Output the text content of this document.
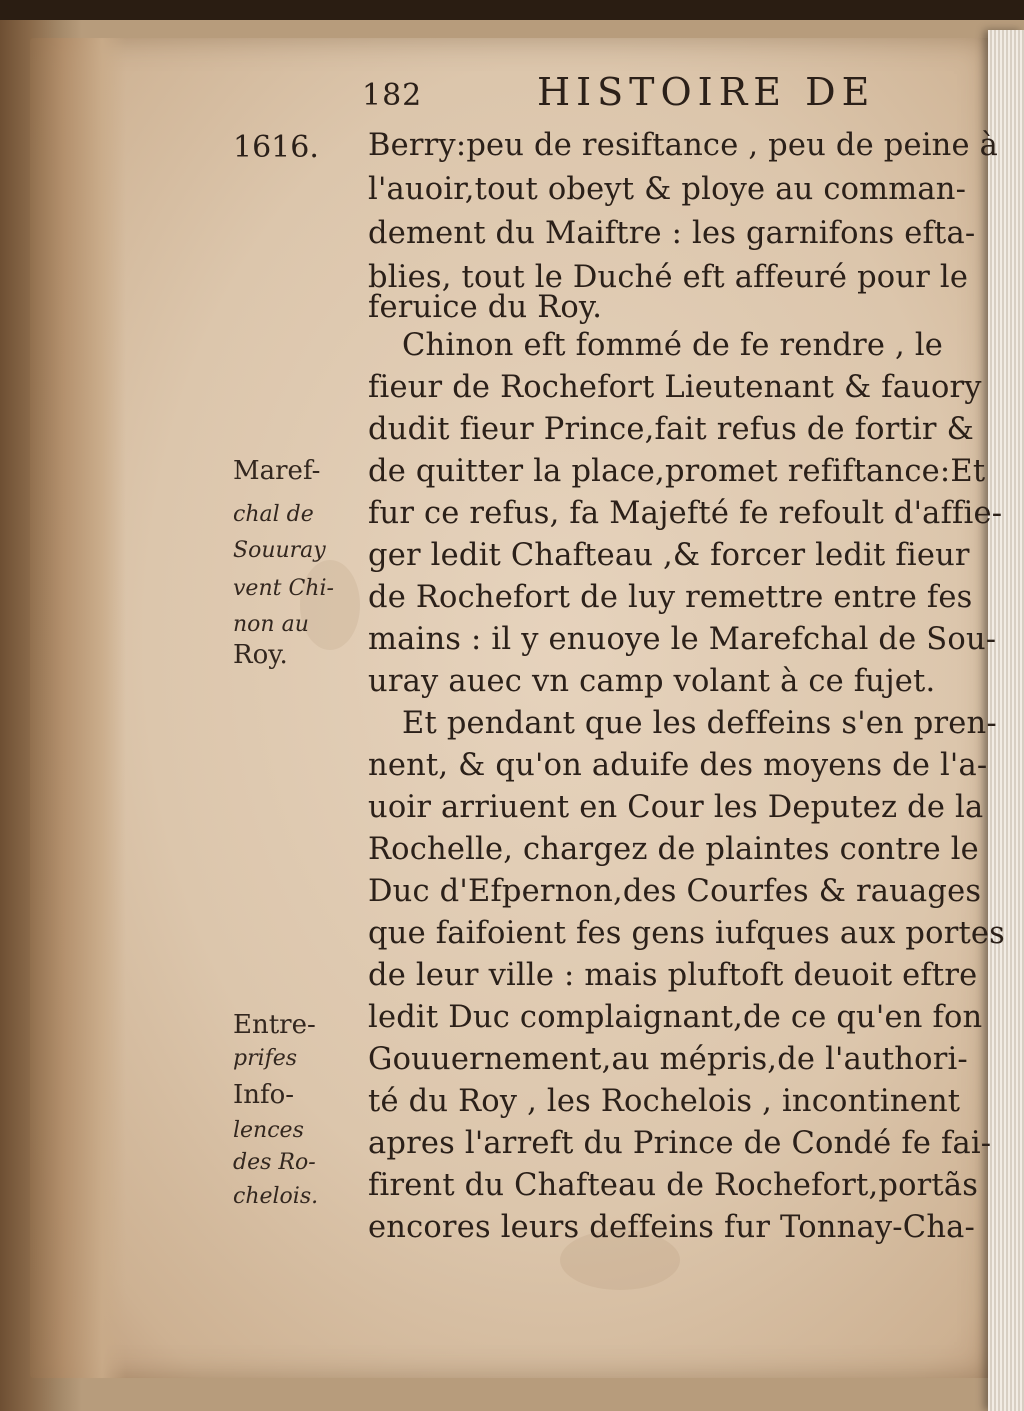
182	HISTOIRE DE
1616. Berry:peu de resiftance , peu de peine à
l'auoir,tout obeyt & ploye au comman-
dement du Maiftre : les garnifons efta-
blies, tout le Duché eft affeuré pour le
feruice du Roy.
Chinon eft fommé de fe rendre , le
fieur de Rochefort Lieutenant & fauory
dudit fieur Prince,fait refus de fortir &
de quitter la place,promet refiftance:Et
fur ce refus, fa Majefté fe refoult d'affie-
ger ledit Chafteau ,& forcer ledit fieur
de Rochefort de luy remettre entre fes
mains : il y enuoye le Marefchal de Sou-
uray auec vn camp volant à ce fujet.
Et pendant que les deffeins s'en pren-
nent, & qu'on aduife des moyens de l'a-
uoir arriuent en Cour les Deputez de la
Rochelle, chargez de plaintes contre le
Duc d'Efpernon,des Courfes & rauages
que faifoient fes gens iufques aux portes
de leur ville : mais pluftoft deuoit eftre
ledit Duc complaignant,de ce qu'en fon
Gouuernement,au mépris,de l'authori-
té du Roy , les Rochelois , incontinent
apres l'arreft du Prince de Condé fe fai-
firent du Chafteau de Rochefort,portãs
encores leurs deffeins fur Tonnay-Cha-
Maref-
chal de
Souuray
vent Chi-
non au
Roy.
Entre-
prifes
Info-
lences
des Ro-
chelois.
